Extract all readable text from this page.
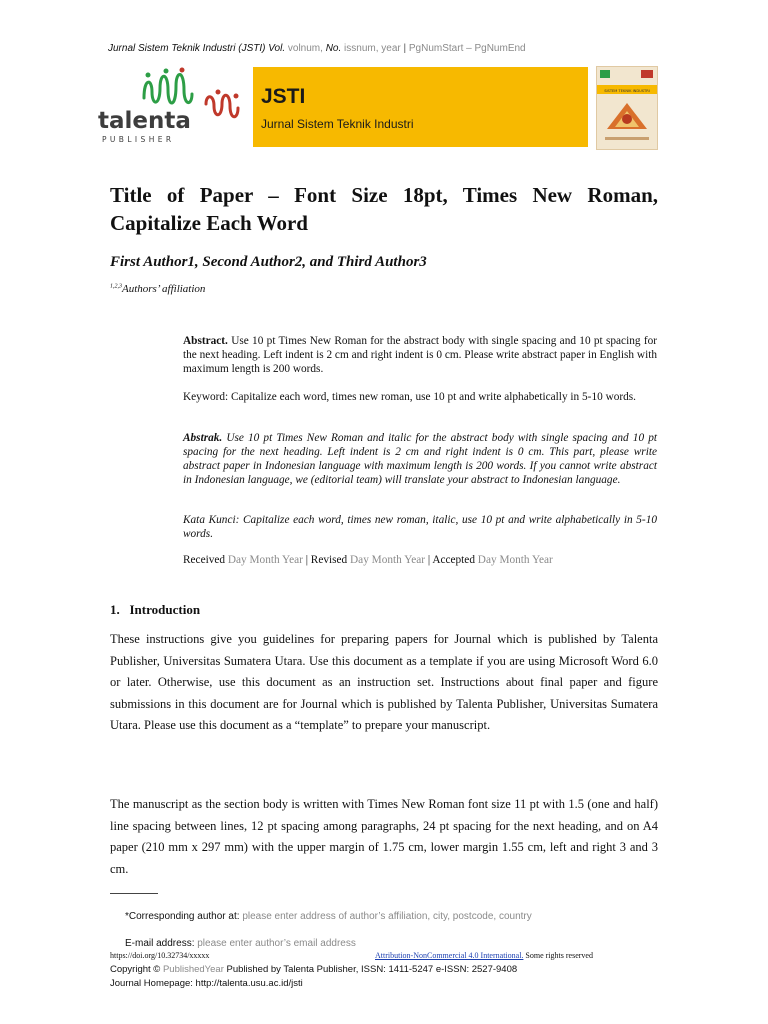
Jurnal Sistem Teknik Industri (JSTI) Vol. volnum, No. issnum, year | PgNumStart – PgNumEnd
talenta
PUBLISHER
JSTI
Jurnal Sistem Teknik Industri
SISTEM TEKNIK INDUSTRI
Title of Paper – Font Size 18pt, Times New Roman, Capitalize Each Word
First Author1, Second Author2, and Third Author3
$^{1,2,3}$Authors’ affiliation
Abstract. Use 10 pt Times New Roman for the abstract body with single spacing and 10 pt spacing for the next heading. Left indent is 2 cm and right indent is 0 cm. Please write abstract paper in English with maximum length is 200 words.
Keyword: Capitalize each word, times new roman, use 10 pt and write alphabetically in 5-10 words.
Abstrak. Use 10 pt Times New Roman and italic for the abstract body with single spacing and 10 pt spacing for the next heading. Left indent is 2 cm and right indent is 0 cm. This part, please write abstract paper in Indonesian language with maximum length is 200 words. If you cannot write abstract in Indonesian language, we (editorial team) will translate your abstract to Indonesian language.
Kata Kunci: Capitalize each word, times new roman, italic, use 10 pt and write alphabetically in 5-10 words.
Received Day Month Year | Revised Day Month Year | Accepted Day Month Year
1.   Introduction
These instructions give you guidelines for preparing papers for Journal which is published by Talenta Publisher, Universitas Sumatera Utara. Use this document as a template if you are using Microsoft Word 6.0 or later. Otherwise, use this document as an instruction set. Instructions about final paper and figure submissions in this document are for Journal which is published by Talenta Publisher, Universitas Sumatera Utara. Please use this document as a “template” to prepare your manuscript.
The manuscript as the section body is written with Times New Roman font size 11 pt with 1.5 (one and half) line spacing between lines, 12 pt spacing among paragraphs, 24 pt spacing for the next heading, and on A4 paper (210 mm x 297 mm) with the upper margin of 1.75 cm, lower margin 1.55 cm, left and right 3 and 3 cm.
*Corresponding author at: please enter address of author’s affiliation, city, postcode, country
E-mail address: please enter author’s email address
https://doi.org/10.32734/xxxxx	Attribution-NonCommercial 4.0 International. Some rights reserved
Copyright © PublishedYear Published by Talenta Publisher, ISSN: 1411-5247 e-ISSN: 2527-9408
Journal Homepage: http://talenta.usu.ac.id/jsti
